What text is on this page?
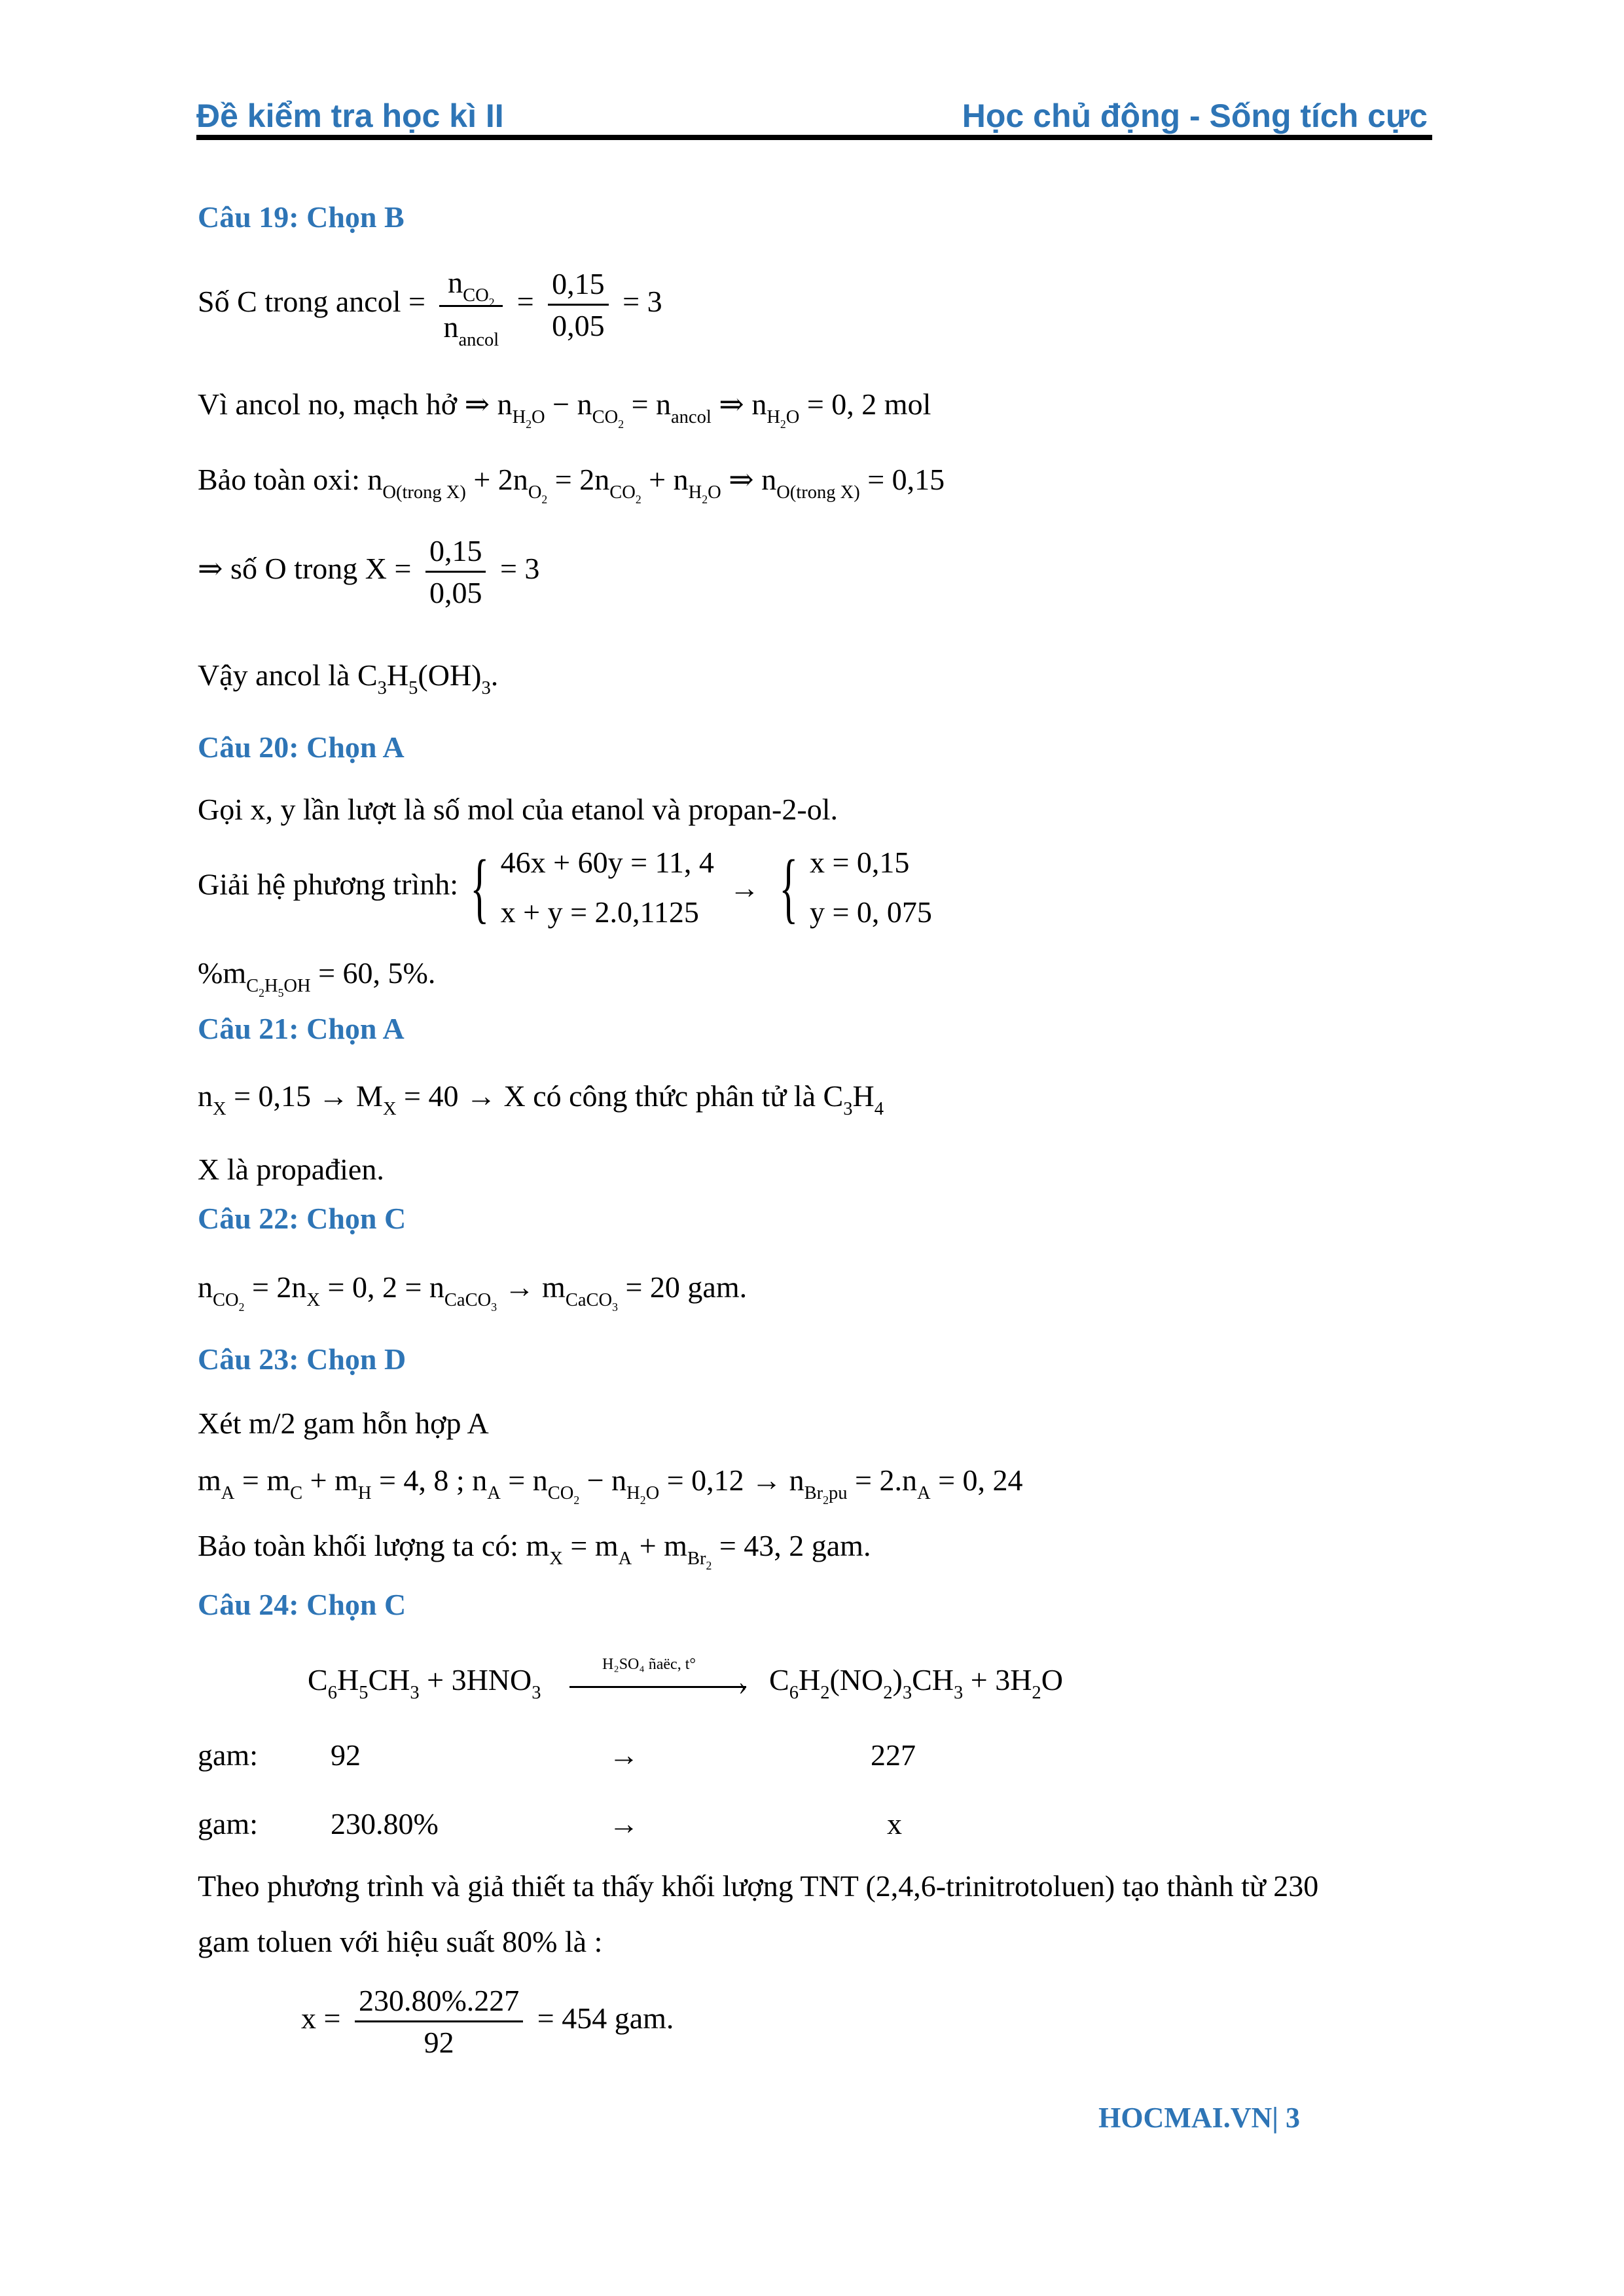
Đề kiểm tra học kì II	Học chủ động - Sống tích cực
Câu 19: Chọn B
Số C trong ancol = $\frac{n_{CO_2}}{n_{ancol}} = \frac{0,15}{0,05} = 3$
Vì ancol no, mạch hở ⇒ $n_{H_2O} - n_{CO_2} = n_{ancol}$ ⇒ $n_{H_2O} = 0$, 2 mol
Bảo toàn oxi: $n_{O(trong X)} + 2n_{O_2} = 2n_{CO_2} + n_{H_2O}$ ⇒ $n_{O(trong X)} = 0,15$
⇒ số O trong $X = \frac{0,15}{0,05} = 3$
Vậy ancol là $C_3H_5(OH)_3$.
Câu 20: Chọn A
Gọi x, y lần lượt là số mol của etanol và propan-2-ol.
Giải hệ phương trình: { 46x + 60y = 11, 4
x + y = 2.0,1125 → { x = 0,15
y = 0, 075
$\%m_{C_2H_5OH} = 60$, 5%.
Câu 21: Chọn A
$n_X = 0,15 \to M_X = 40 \to X$ có công thức phân tử là $C_3H_4$
X là propađien.
Câu 22: Chọn C
$n_{CO_2} = 2n_X = 0$, $2 = n_{CaCO_3} \to m_{CaCO_3} = 20$ gam.
Câu 23: Chọn D
Xét m/2 gam hỗn hợp A
$m_A = m_C + m_H = 4$, 8 ; $n_A = n_{CO_2} - n_{H_2O} = 0,12 \to n_{Br_2pu} = 2.n_A = 0$, 24
Bảo toàn khối lượng ta có: $m_X = m_A + m_{Br_2} = 43$, 2 gam.
Câu 24: Chọn C
$C_6H_5CH_3 + 3HNO_3$
H₂SO₄ ñaëc, t°
› $C_6H_2(NO_2)_3CH_3 + 3H_2O$
gam: 92	→	227
gam: 230.80%	→	x
Theo phương trình và giả thiết ta thấy khối lượng TNT (2,4,6-trinitrotoluen) tạo thành từ 230
gam toluen với hiệu suất 80% là :
$x = \frac{230.80\%.227}{92} = 454$ gam.
HOCMAI.VN| 3
